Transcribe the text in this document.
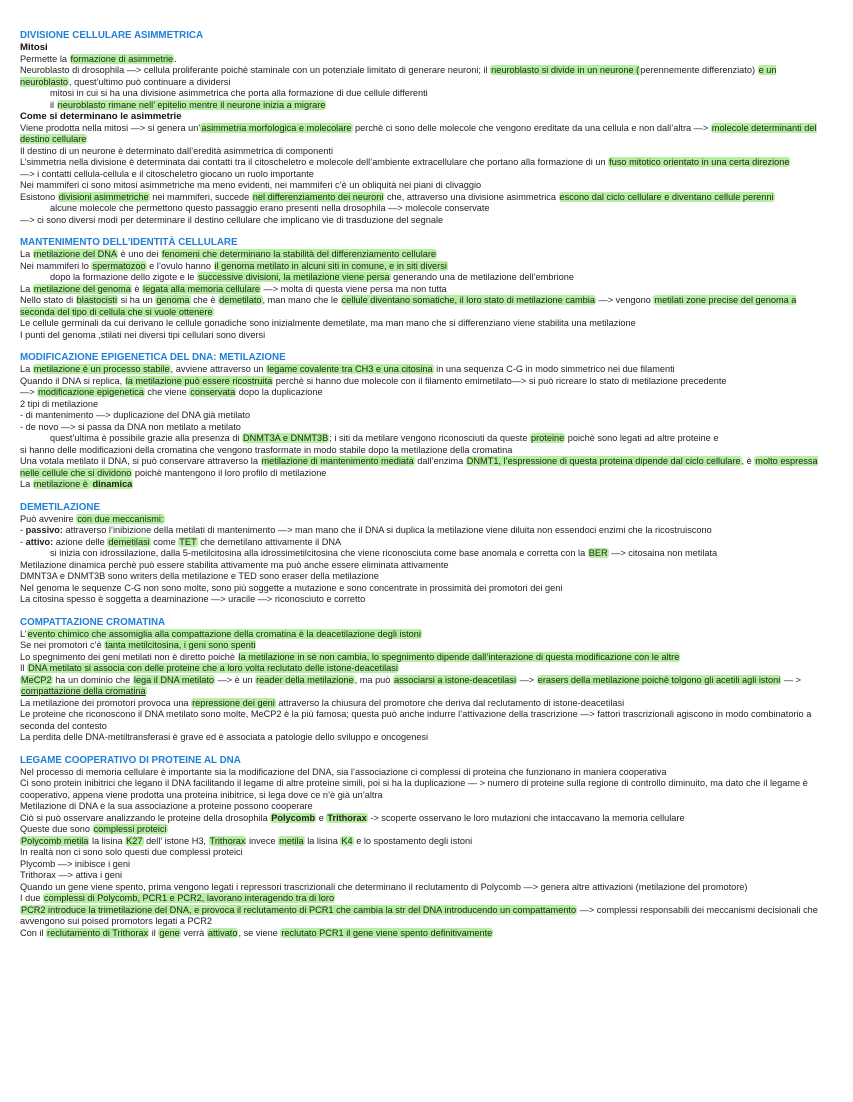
DIVISIONE CELLULARE ASIMMETRICA
Mitosi

Permette la formazione di asimmetrie.

Neuroblasto di drosophila —> cellula proliferante poichè staminale con un potenziale limitato di generare neuroni; il neuroblasto si divide in un neurone (perennemente differenziato) e un neuroblasto, quest’ultimo può continuare a dividersi

mitosi in cui si ha una divisione asimmetrica che porta alla formazione di due cellule differenti

il neuroblasto rimane nell’ epitelio mentre il neurone inizia a migrare

Come si determinano le asimmetrie

Viene prodotta nella mitosi —> si genera un’asimmetria morfologica e molecolare perchè ci sono delle molecole che vengono ereditate da una cellula e non dall’altra —> molecole determinanti del destino cellulare

Il destino di un neurone è determinato dall’eredità asimmetrica di componenti

L’simmetria nella divisione è determinata dai contatti tra il citoscheletro e molecole dell’ambiente extracellulare che portano alla formazione di un fuso mitotico orientato in una certa direzione

—> i contatti cellula-cellula e il citoscheletro giocano un ruolo importante

Nei mammiferi ci sono mitosi asimmetriche ma meno evidenti, nei mammiferi c’è un obliquità nei piani di clivaggio

Esistono divisioni asimmetriche nei mammiferi, succede nel differenziamento dei neuroni che, attraverso una divisione asimmetrica escono dal ciclo cellulare e diventano cellule perenni

alcune molecole che permettono questo passaggio erano presenti nella drosophila —> molecole conservate

—> ci sono diversi modi per determinare il destino cellulare che implicano vie di trasduzione del segnale

MANTENIMENTO DELL’IDENTITÀ CELLULARE

La metilazione del DNA è uno dei fenomeni che determinano la stabilità del differenziamento cellulare

Nei mammiferi lo spermatozoo e l’ovulo hanno il genoma metilato in alcuni siti in comune, e in siti diversi

dopo la formazione dello zigote e le successive divisioni, la metilazione viene persa generando una de metilazione dell’embrione

La metilazione del genoma è legata alla memoria cellulare —> molta di questa viene persa ma non tutta

Nello stato di blastocisti si ha un genoma che è demetilato, man mano che le cellule diventano somatiche, il loro stato di metilazione cambia —> vengono metilati zone precise del genoma a seconda del tipo di cellula che si vuole ottenere

Le cellule germinali da cui derivano le cellule gonadiche sono inizialmente demetilate, ma man mano che si differenziano viene stabilita una metilazione

I punti del genoma ,stilati nei diversi tipi cellulari sono diversi

MODIFICAZIONE EPIGENETICA DEL DNA: METILAZIONE

La metilazione è un processo stabile, avviene attraverso un legame covalente tra CH3 e una citosina in una sequenza C-G in modo simmetrico nei due filamenti

Quando il DNA si replica, la metilazione può essere ricostruita perchè si hanno due molecole con il filamento emimetilato—> si può ricreare lo stato di metilazione precedente

—> modificazione epigenetica che viene conservata dopo la duplicazione

2 tipi di metilazione

- di mantenimento —> duplicazione del DNA già metilato

- de novo —> si passa da DNA non metilato a metilato

quest’ultima è possibile grazie alla presenza di DNMT3A e DNMT3B; i siti da metilare vengono riconosciuti da queste proteine poichè sono legati ad altre proteine e

si hanno delle modificazioni della cromatina che vengono trasformate in modo stabile dopo la metilazione della cromatina

Una votala metilato il DNA, si può conservare attraverso la metilazione di mantenimento mediata dall’enzima DNMT1, l’espressione di questa proteina dipende dal ciclo cellulare, è molto espressa nelle cellule che si dividono poichè mantengono il loro profilo di metilazione

La metilazione è dinamica

DEMETILAZIONE

Può avvenire con due meccanismi:

- passivo: attraverso l’inibizione della metilati di mantenimento —> man mano che il DNA si duplica la metilazione viene diluita non essendoci enzimi che la ricostruiscono

- attivo: azione delle demetilasi come TET che demetilano attivamente il DNA

si inizia con idrossilazione, dalla 5-metilcitosina alla idrossimetilcitosina che viene riconosciuta come base anomala e corretta con la BER —> citosaina non metilata

Metilazione dinamica perchè può essere stabilita attivamente ma può anche essere eliminata attivamente

DMNT3A e DNMT3B sono writers della metilazione e TED sono eraser della metilazione

Nel genoma le sequenze C-G non sono molte, sono più soggette a mutazione e sono concentrate in prossimità dei promotori dei geni

La citosina spesso è soggetta a deaminazione —> uracile —> riconosciuto e corretto

COMPATTAZIONE CROMATINA

L’evento chimico che assomiglia alla compattazione della cromatina è la deacetilazione degli istoni

Se nei promotori c’è tanta metilcitosina, i geni sono spenti

Lo spegnimento dei geni metilati non è diretto poichè la metilazione in sè non cambia, lo spegnimento dipende dall’interazione di questa modificazione con le altre

Il DNA metilato si associa con delle proteine che a loro volta reclutato delle istone-deacetilasi

MeCP2 ha un dominio che lega il DNA metilato —> è un reader della metilazione, ma può associarsi a istone-deacetilasi —> erasers della metilazione poichè tolgono gli acetili agli istoni — > compattazione della cromatina

La metilazione dei promotori provoca una repressione dei geni attraverso la chiusura del promotore che deriva dal reclutamento di istone-deacetilasi

Le proteine che riconoscono il DNA metilato sono molte, MeCP2 è la più famosa; questa può anche indurre l’attivazione della trascrizione —> fattori trascrizionali agiscono in modo combinatorio a seconda del contesto

La perdita delle DNA-metiltransferasi è grave ed è associata a patologie dello sviluppo e oncogenesi

LEGAME COOPERATIVO DI PROTEINE AL DNA

Nel processo di memoria cellulare è importante sia la modificazione del DNA, sia l’associazione ci complessi di proteina che funzionano in maniera cooperativa

Ci sono protein inibitrici che legano il DNA facilitando il legame di altre proteine simili, poi si ha la duplicazione — > numero di proteine sulla regione di controllo diminuito, ma dato che il legame è cooperativo, appena viene prodotta una proteina inibitrice, si lega dove ce n’è già un’altra

Metilazione di DNA e la sua associazione a proteine possono cooperare

Ciò si può osservare analizzando le proteine della drosophila Polycomb e Trithorax -> scoperte osservano le loro mutazioni che intaccavano la memoria cellulare

Queste due sono complessi proteici

Polycomb metila la lisina K27 dell’ istone H3, Trithorax invece metila la lisina K4 e lo spostamento degli istoni

In realtà non ci sono solo questi due complessi proteici

Plycomb —> inibisce i geni

Trithorax —> attiva i geni

Quando un gene viene spento, prima vengono legati i repressori trascrizionali che determinano il reclutamento di Polycomb —> genera altre attivazioni (metilazione del promotore)

I due complessi di Polycomb, PCR1 e PCR2, lavorano interagendo tra di loro

PCR2 introduce la trimetilazione del DNA, e provoca il reclutamento di PCR1 che cambia la str del DNA introducendo un compattamento —> complessi responsabili dei meccanismi decisionali che avvengono sui poised promotors legati a PCR2

Con il reclutamento di Trithorax il gene verrà attivato, se viene reclutato PCR1 il gene viene spento definitivamente
